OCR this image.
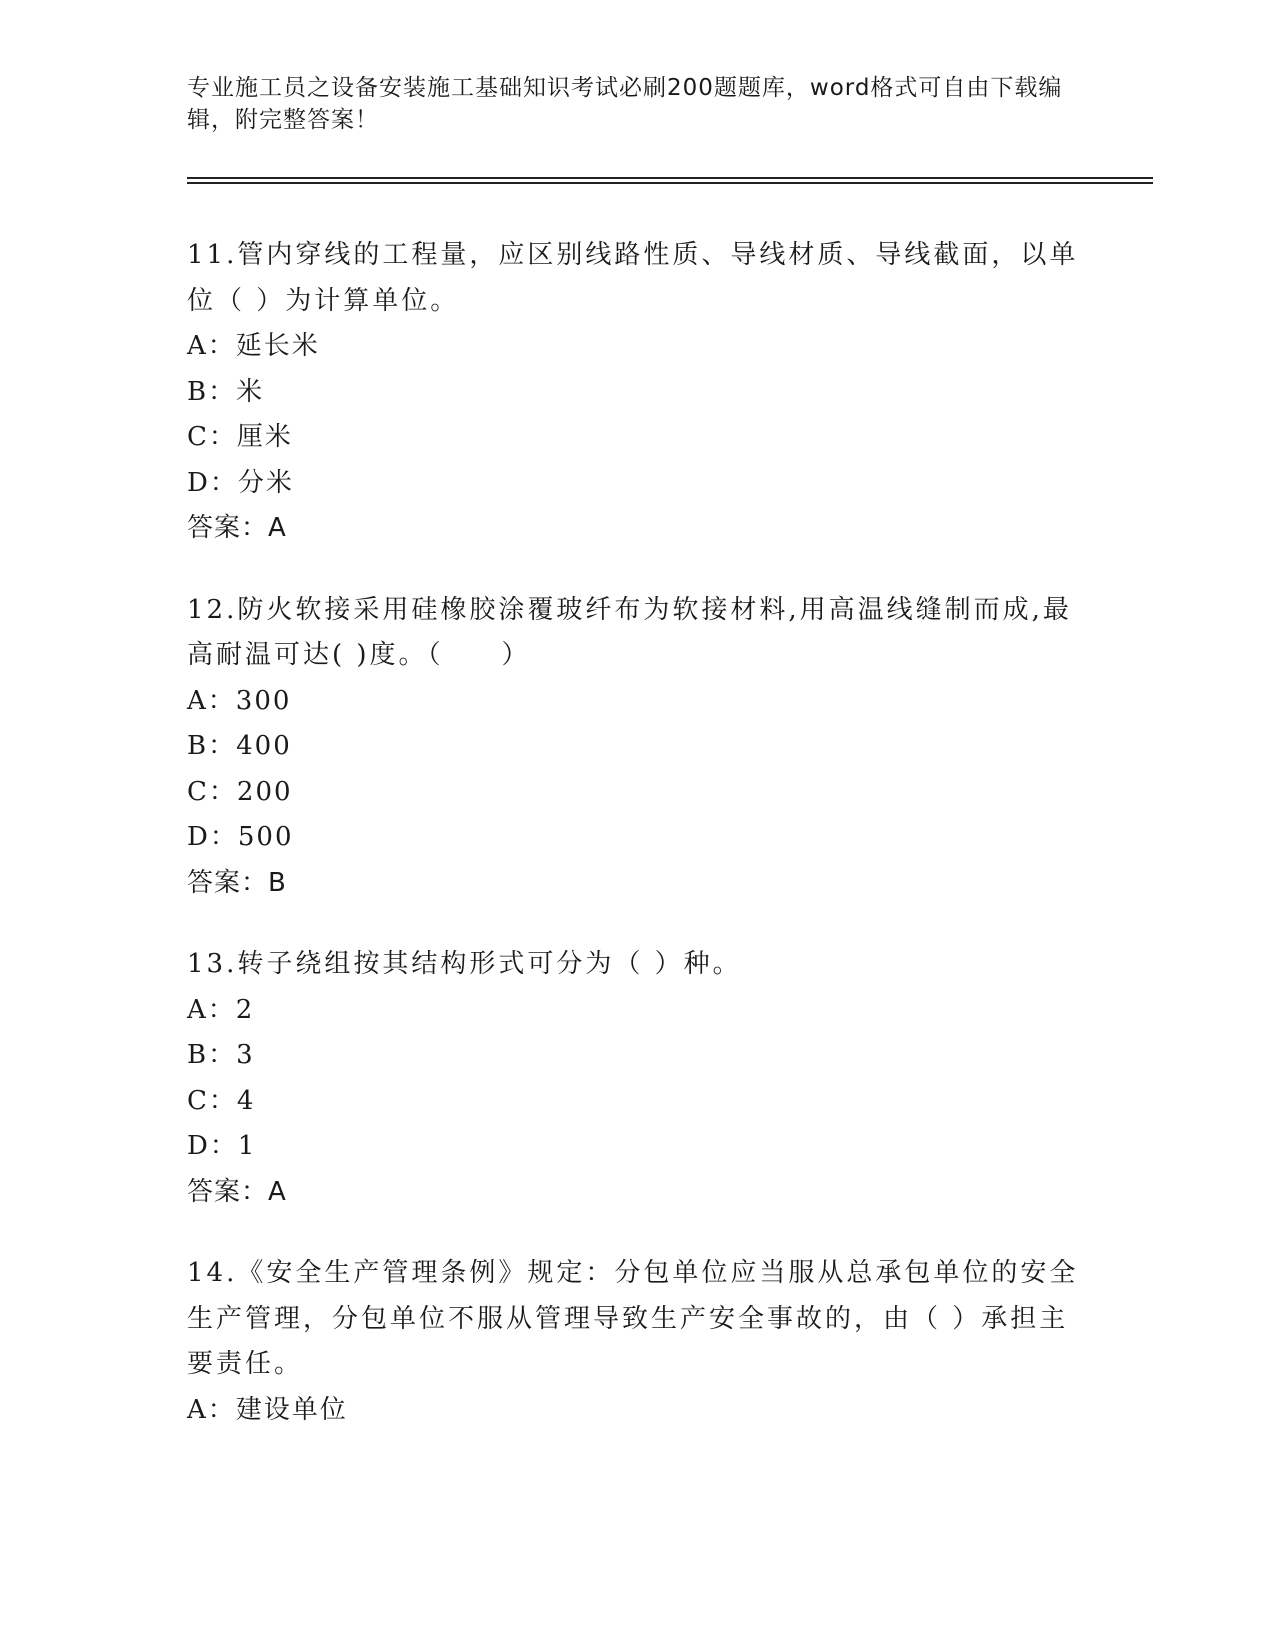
专业施工员之设备安装施工基础知识考试必刷200题题库，word格式可自由下载编辑，附完整答案！

11.管内穿线的工程量，应区别线路性质、导线材质、导线截面，以单位（ ）为计算单位。

A：延长米

B：米

C：厘米

D：分米

答案：A

12.防火软接采用硅橡胶涂覆玻纤布为软接材料,用高温线缝制而成,最高耐温可达( )度。（　　）

A：300

B：400

C：200

D：500

答案：B

13.转子绕组按其结构形式可分为（ ）种。

A：2

B：3

C：4

D：1

答案：A

14.《安全生产管理条例》规定：分包单位应当服从总承包单位的安全生产管理，分包单位不服从管理导致生产安全事故的，由（ ）承担主要责任。

A：建设单位
